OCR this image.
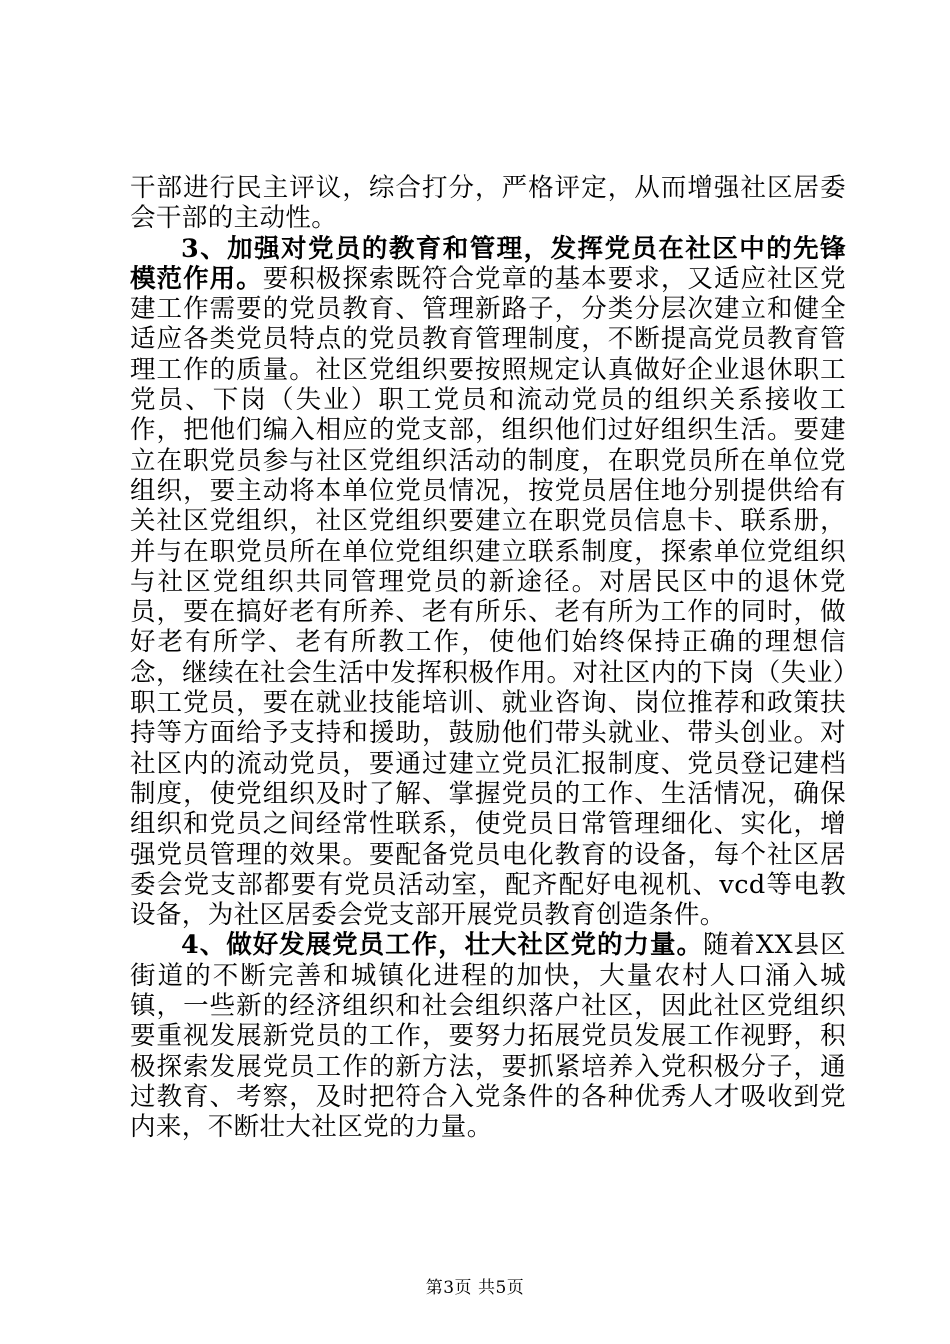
干部进行民主评议，综合打分，严格评定，从而增强社区居委会干部的主动性。

3、加强对党员的教育和管理，发挥党员在社区中的先锋模范作用。要积极探索既符合党章的基本要求，又适应社区党建工作需要的党员教育、管理新路子，分类分层次建立和健全适应各类党员特点的党员教育管理制度，不断提高党员教育管理工作的质量。社区党组织要按照规定认真做好企业退休职工党员、下岗（失业）职工党员和流动党员的组织关系接收工作，把他们编入相应的党支部，组织他们过好组织生活。要建立在职党员参与社区党组织活动的制度，在职党员所在单位党组织，要主动将本单位党员情况，按党员居住地分别提供给有关社区党组织，社区党组织要建立在职党员信息卡、联系册，并与在职党员所在单位党组织建立联系制度，探索单位党组织与社区党组织共同管理党员的新途径。对居民区中的退休党员，要在搞好老有所养、老有所乐、老有所为工作的同时，做好老有所学、老有所教工作，使他们始终保持正确的理想信念，继续在社会生活中发挥积极作用。对社区内的下岗（失业）职工党员，要在就业技能培训、就业咨询、岗位推荐和政策扶持等方面给予支持和援助，鼓励他们带头就业、带头创业。对社区内的流动党员，要通过建立党员汇报制度、党员登记建档制度，使党组织及时了解、掌握党员的工作、生活情况，确保组织和党员之间经常性联系，使党员日常管理细化、实化，增强党员管理的效果。要配备党员电化教育的设备，每个社区居委会党支部都要有党员活动室，配齐配好电视机、vcd等电教设备，为社区居委会党支部开展党员教育创造条件。

4、做好发展党员工作，壮大社区党的力量。随着XX县区街道的不断完善和城镇化进程的加快，大量农村人口涌入城镇，一些新的经济组织和社会组织落户社区，因此社区党组织要重视发展新党员的工作，要努力拓展党员发展工作视野，积极探索发展党员工作的新方法，要抓紧培养入党积极分子，通过教育、考察，及时把符合入党条件的各种优秀人才吸收到党内来，不断壮大社区党的力量。

第3页 共5页
